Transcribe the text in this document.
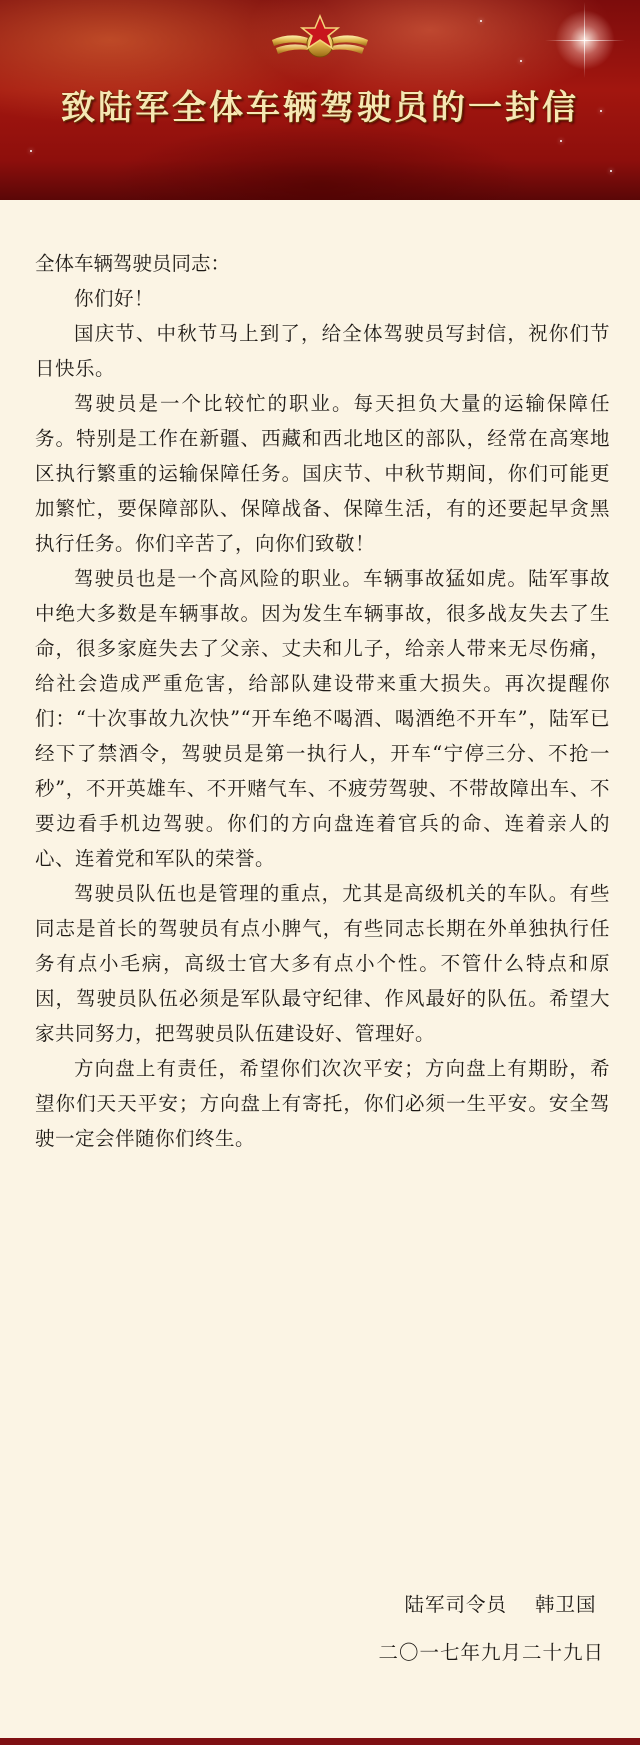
致陆军全体车辆驾驶员的一封信

全体车辆驾驶员同志：

你们好！

国庆节、中秋节马上到了，给全体驾驶员写封信，祝你们节日快乐。

驾驶员是一个比较忙的职业。每天担负大量的运输保障任务。特别是工作在新疆、西藏和西北地区的部队，经常在高寒地区执行繁重的运输保障任务。国庆节、中秋节期间，你们可能更加繁忙，要保障部队、保障战备、保障生活，有的还要起早贪黑执行任务。你们辛苦了，向你们致敬！

驾驶员也是一个高风险的职业。车辆事故猛如虎。陆军事故中绝大多数是车辆事故。因为发生车辆事故，很多战友失去了生命，很多家庭失去了父亲、丈夫和儿子，给亲人带来无尽伤痛，给社会造成严重危害，给部队建设带来重大损失。再次提醒你们：“十次事故九次快”“开车绝不喝酒、喝酒绝不开车”，陆军已经下了禁酒令，驾驶员是第一执行人，开车“宁停三分、不抢一秒”，不开英雄车、不开赌气车、不疲劳驾驶、不带故障出车、不要边看手机边驾驶。你们的方向盘连着官兵的命、连着亲人的心、连着党和军队的荣誉。

驾驶员队伍也是管理的重点，尤其是高级机关的车队。有些同志是首长的驾驶员有点小脾气，有些同志长期在外单独执行任务有点小毛病，高级士官大多有点小个性。不管什么特点和原因，驾驶员队伍必须是军队最守纪律、作风最好的队伍。希望大家共同努力，把驾驶员队伍建设好、管理好。

方向盘上有责任，希望你们次次平安；方向盘上有期盼，希望你们天天平安；方向盘上有寄托，你们必须一生平安。安全驾驶一定会伴随你们终生。

陆军司令员 韩卫国
二〇一七年九月二十九日
